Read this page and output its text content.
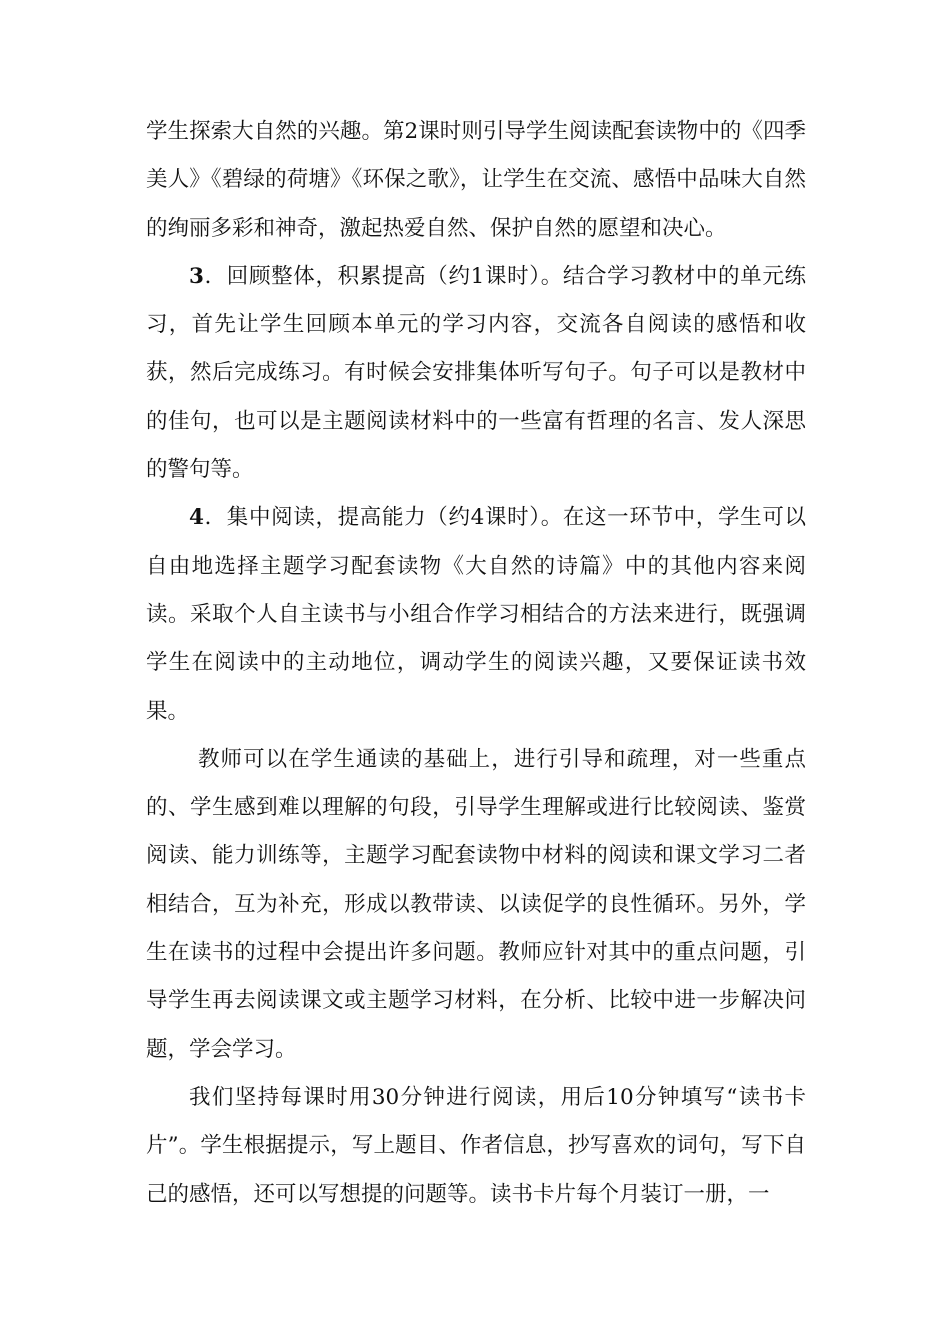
学生探索大自然的兴趣。第2课时则引导学生阅读配套读物中的《四季美人》《碧绿的荷塘》《环保之歌》，让学生在交流、感悟中品味大自然的绚丽多彩和神奇，激起热爱自然、保护自然的愿望和决心。

3．回顾整体，积累提高（约1课时）。结合学习教材中的单元练习，首先让学生回顾本单元的学习内容，交流各自阅读的感悟和收获，然后完成练习。有时候会安排集体听写句子。句子可以是教材中的佳句，也可以是主题阅读材料中的一些富有哲理的名言、发人深思的警句等。

4．集中阅读，提高能力（约4课时）。在这一环节中，学生可以自由地选择主题学习配套读物《大自然的诗篇》中的其他内容来阅读。采取个人自主读书与小组合作学习相结合的方法来进行，既强调学生在阅读中的主动地位，调动学生的阅读兴趣，又要保证读书效果。

教师可以在学生通读的基础上，进行引导和疏理，对一些重点的、学生感到难以理解的句段，引导学生理解或进行比较阅读、鉴赏阅读、能力训练等，主题学习配套读物中材料的阅读和课文学习二者相结合，互为补充，形成以教带读、以读促学的良性循环。另外，学生在读书的过程中会提出许多问题。教师应针对其中的重点问题，引导学生再去阅读课文或主题学习材料，在分析、比较中进一步解决问题，学会学习。

我们坚持每课时用30分钟进行阅读，用后10分钟填写“读书卡片”。学生根据提示，写上题目、作者信息，抄写喜欢的词句，写下自己的感悟，还可以写想提的问题等。读书卡片每个月装订一册，一
